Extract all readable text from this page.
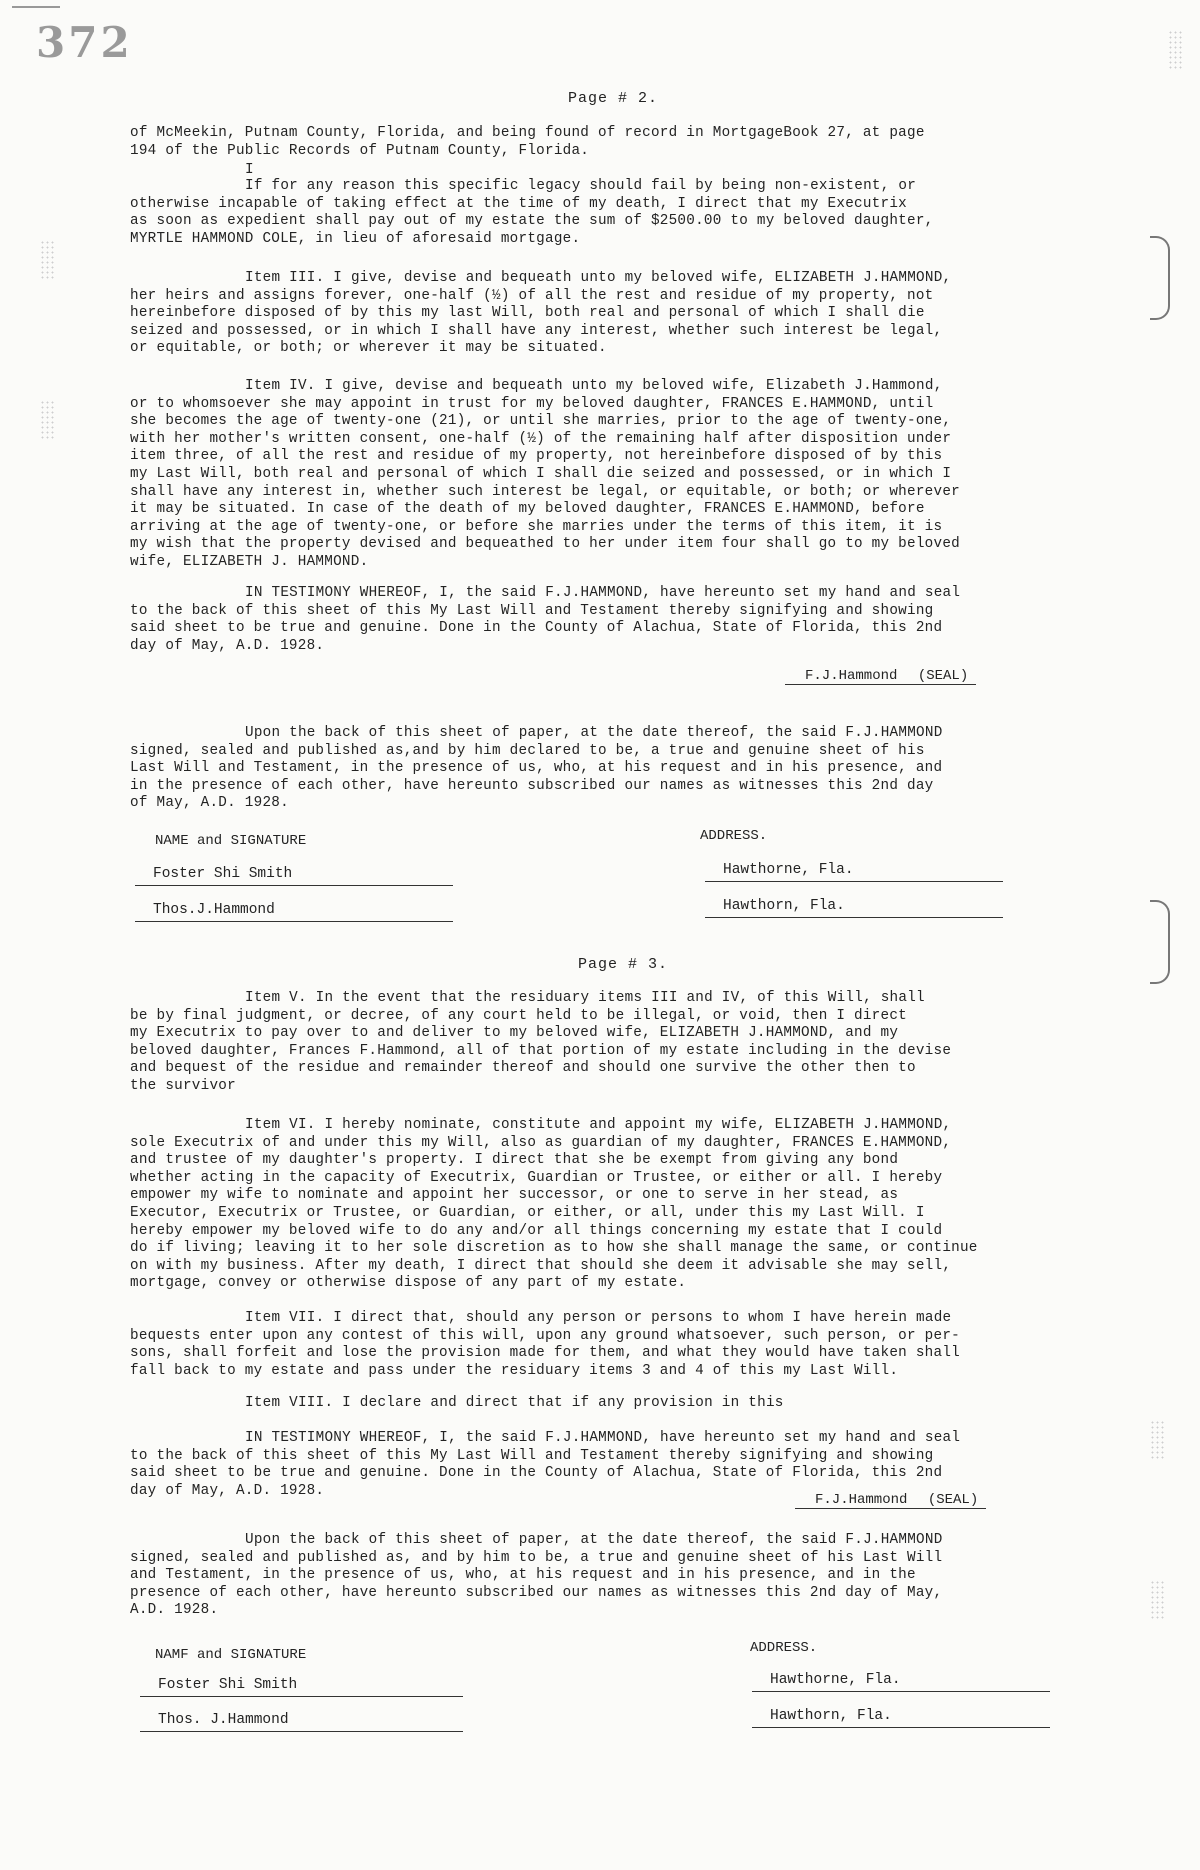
372
Page # 2.
of McMeekin, Putnam County, Florida, and being found of record in MortgageBook 27, at page
194 of the Public Records of Putnam County, Florida.
I
If for any reason this specific legacy should fail by being non-existent, or
otherwise incapable of taking effect at the time of my death, I direct that my Executrix
as soon as expedient shall pay out of my estate the sum of $2500.00 to my beloved daughter,
MYRTLE HAMMOND COLE, in lieu of aforesaid mortgage.
Item III. I give, devise and bequeath unto my beloved wife, ELIZABETH J.HAMMOND,
her heirs and assigns forever, one-half (½) of all the rest and residue of my property, not
hereinbefore disposed of by this my last Will, both real and personal of which I shall die
seized and possessed, or in which I shall have any interest, whether such interest be legal,
or equitable, or both; or wherever it may be situated.
Item IV. I give, devise and bequeath unto my beloved wife, Elizabeth J.Hammond,
or to whomsoever she may appoint in trust for my beloved daughter, FRANCES E.HAMMOND, until
she becomes the age of twenty-one (21), or until she marries, prior to the age of twenty-one,
with her mother's written consent, one-half (½) of the remaining half after disposition under
item three, of all the rest and residue of my property, not hereinbefore disposed of by this
my Last Will, both real and personal of which I shall die seized and possessed, or in which I
shall have any interest in, whether such interest be legal, or equitable, or both; or wherever
it may be situated. In case of the death of my beloved daughter, FRANCES E.HAMMOND, before
arriving at the age of twenty-one, or before she marries under the terms of this item, it is
my wish that the property devised and bequeathed to her under item four shall go to my beloved
wife, ELIZABETH J. HAMMOND.
IN TESTIMONY WHEREOF, I, the said F.J.HAMMOND, have hereunto set my hand and seal
to the back of this sheet of this My Last Will and Testament thereby signifying and showing
said sheet to be true and genuine. Done in the County of Alachua, State of Florida, this 2nd
day of May, A.D. 1928.
F.J.Hammond (SEAL)
Upon the back of this sheet of paper, at the date thereof, the said F.J.HAMMOND
signed, sealed and published as,and by him declared to be, a true and genuine sheet of his
Last Will and Testament, in the presence of us, who, at his request and in his presence, and
in the presence of each other, have hereunto subscribed our names as witnesses this 2nd day
of May, A.D. 1928.
NAME and SIGNATURE	ADDRESS.
Foster Shi Smith	Hawthorne, Fla.
Thos.J.Hammond	Hawthorn, Fla.
Page # 3.
Item V. In the event that the residuary items III and IV, of this Will, shall
be by final judgment, or decree, of any court held to be illegal, or void, then I direct
my Executrix to pay over to and deliver to my beloved wife, ELIZABETH J.HAMMOND, and my
beloved daughter, Frances F.Hammond, all of that portion of my estate including in the devise
and bequest of the residue and remainder thereof and should one survive the other then to
the survivor
Item VI. I hereby nominate, constitute and appoint my wife, ELIZABETH J.HAMMOND,
sole Executrix of and under this my Will, also as guardian of my daughter, FRANCES E.HAMMOND,
and trustee of my daughter's property. I direct that she be exempt from giving any bond
whether acting in the capacity of Executrix, Guardian or Trustee, or either or all. I hereby
empower my wife to nominate and appoint her successor, or one to serve in her stead, as
Executor, Executrix or Trustee, or Guardian, or either, or all, under this my Last Will. I
hereby empower my beloved wife to do any and/or all things concerning my estate that I could
do if living; leaving it to her sole discretion as to how she shall manage the same, or continue
on with my business. After my death, I direct that should she deem it advisable she may sell,
mortgage, convey or otherwise dispose of any part of my estate.
Item VII. I direct that, should any person or persons to whom I have herein made
bequests enter upon any contest of this will, upon any ground whatsoever, such person, or per-
sons, shall forfeit and lose the provision made for them, and what they would have taken shall
fall back to my estate and pass under the residuary items 3 and 4 of this my Last Will.
Item VIII. I declare and direct that if any provision in this
IN TESTIMONY WHEREOF, I, the said F.J.HAMMOND, have hereunto set my hand and seal
to the back of this sheet of this My Last Will and Testament thereby signifying and showing
said sheet to be true and genuine. Done in the County of Alachua, State of Florida, this 2nd
day of May, A.D. 1928.
F.J.Hammond (SEAL)
Upon the back of this sheet of paper, at the date thereof, the said F.J.HAMMOND
signed, sealed and published as, and by him to be, a true and genuine sheet of his Last Will
and Testament, in the presence of us, who, at his request and in his presence, and in the
presence of each other, have hereunto subscribed our names as witnesses this 2nd day of May,
A.D. 1928.
NAMF and SIGNATURE	ADDRESS.
Foster Shi Smith	Hawthorne, Fla.
Thos. J.Hammond	Hawthorn, Fla.
